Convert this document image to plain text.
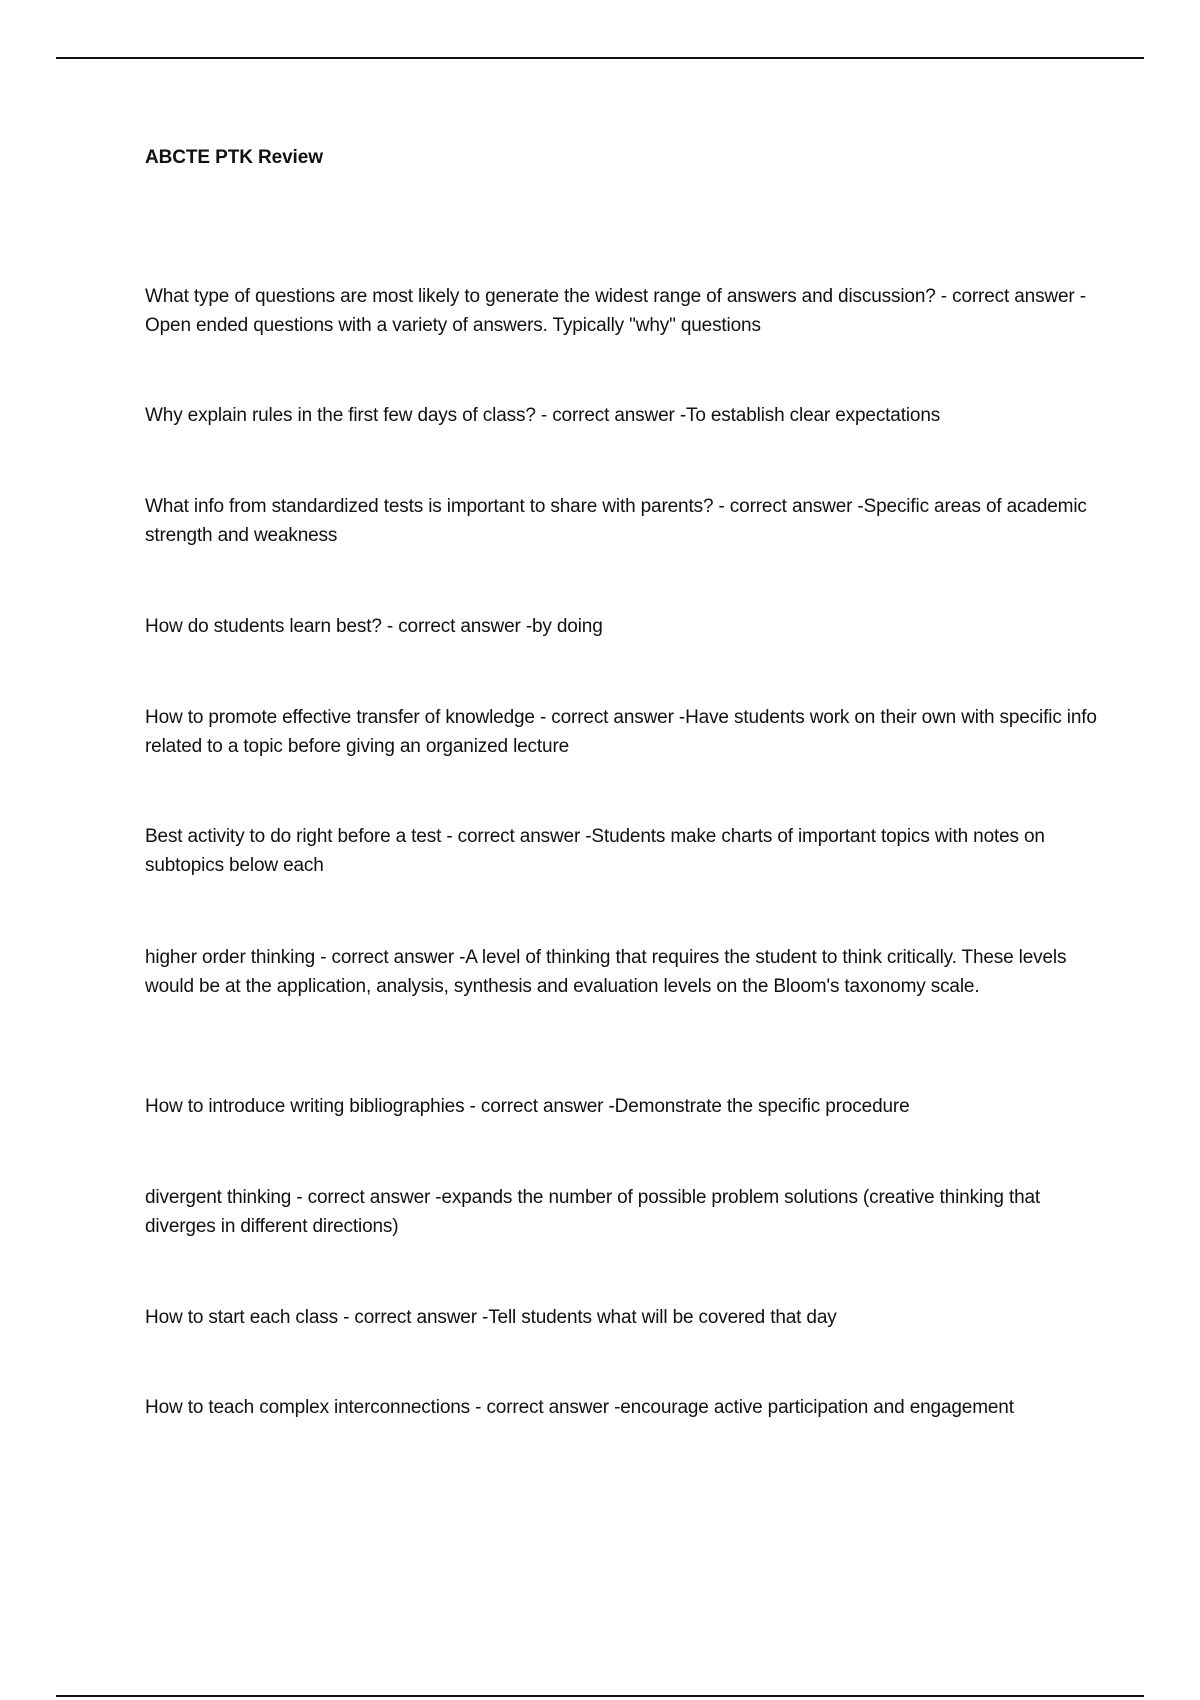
ABCTE PTK Review

What type of questions are most likely to generate the widest range of answers and discussion? - correct answer -Open ended questions with a variety of answers. Typically "why" questions

Why explain rules in the first few days of class? - correct answer -To establish clear expectations

What info from standardized tests is important to share with parents? - correct answer -Specific areas of academic strength and weakness

How do students learn best? - correct answer -by doing

How to promote effective transfer of knowledge - correct answer -Have students work on their own with specific info related to a topic before giving an organized lecture

Best activity to do right before a test - correct answer -Students make charts of important topics with notes on subtopics below each

higher order thinking - correct answer -A level of thinking that requires the student to think critically. These levels would be at the application, analysis, synthesis and evaluation levels on the Bloom's taxonomy scale.

How to introduce writing bibliographies - correct answer -Demonstrate the specific procedure

divergent thinking - correct answer -expands the number of possible problem solutions (creative thinking that diverges in different directions)

How to start each class - correct answer -Tell students what will be covered that day

How to teach complex interconnections - correct answer -encourage active participation and engagement
